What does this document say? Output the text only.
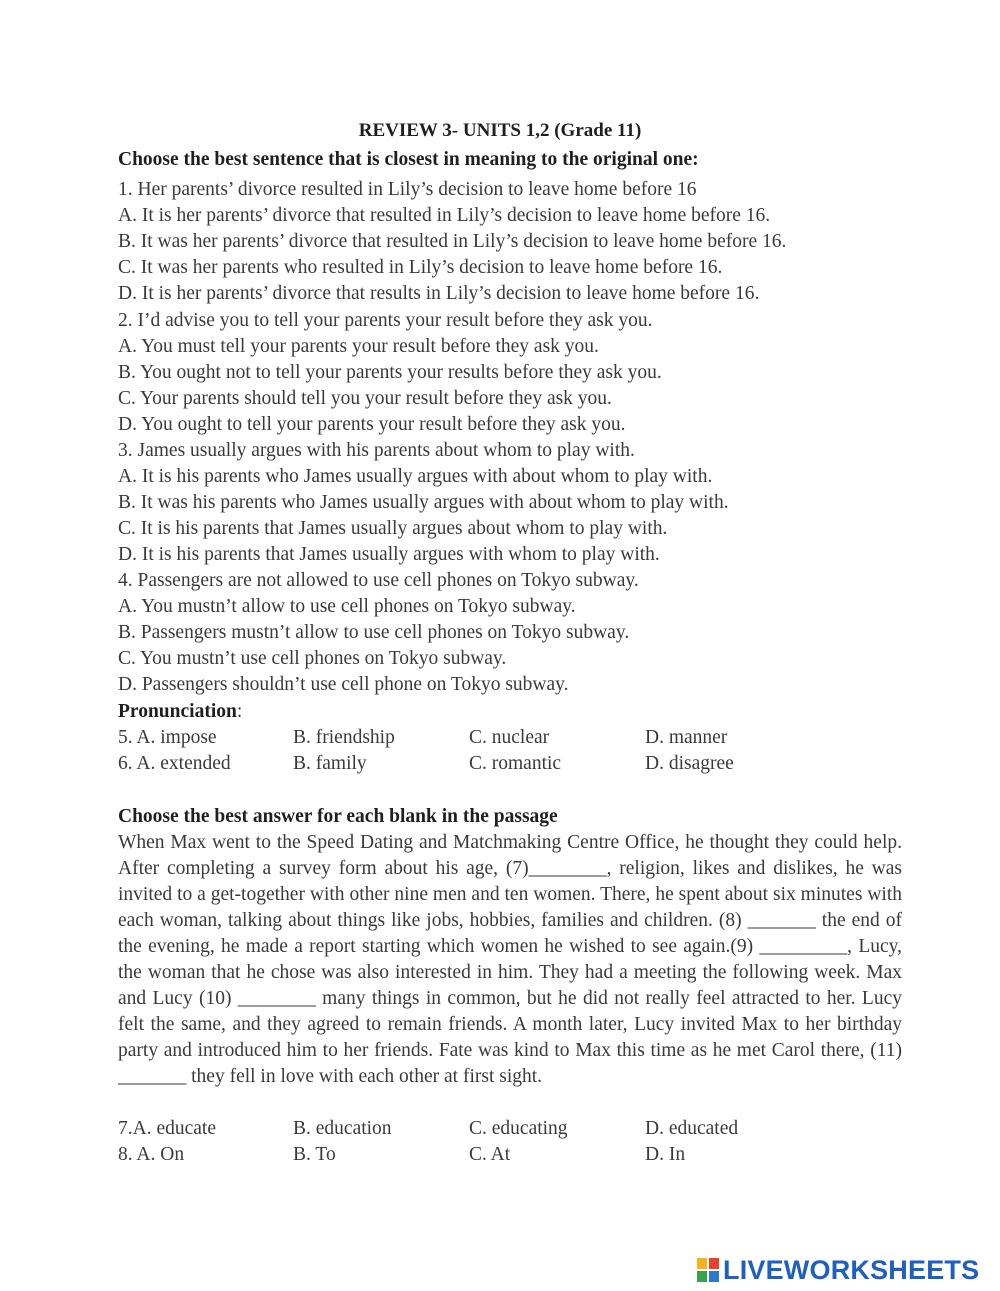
REVIEW 3- UNITS 1,2 (Grade 11)
Choose the best sentence that is closest in meaning to the original one:
1. Her parents’ divorce resulted in Lily’s decision to leave home before 16
A. It is her parents’ divorce that resulted in Lily’s decision to leave home before 16.
B. It was her parents’ divorce that resulted in Lily’s decision to leave home before 16.
C. It was her parents who resulted in Lily’s decision to leave home before 16.
D. It is her parents’ divorce that results in Lily’s decision to leave home before 16.
2. I’d advise you to tell your parents your result before they ask you.
A. You must tell your parents your result before they ask you.
B. You ought not to tell your parents your results before they ask you.
C. Your parents should tell you your result before they ask you.
D. You ought to tell your parents your result before they ask you.
3. James usually argues with his parents about whom to play with.
A. It is his parents who James usually argues with about whom to play with.
B. It was his parents who James usually argues with about whom to play with.
C. It is his parents that James usually argues about whom to play with.
D. It is his parents that James usually argues with whom to play with.
4. Passengers are not allowed to use cell phones on Tokyo subway.
A. You mustn’t allow to use cell phones on Tokyo subway.
B. Passengers mustn’t allow to use cell phones on Tokyo subway.
C. You mustn’t use cell phones on Tokyo subway.
D. Passengers shouldn’t use cell phone on Tokyo subway.
Pronunciation:
5. A. impose	B. friendship	C. nuclear	D. manner
6. A. extended	B. family	C. romantic	D. disagree
Choose the best answer for each blank in the passage
When Max went to the Speed Dating and Matchmaking Centre Office, he thought they could help. After completing a survey form about his age, (7)________, religion, likes and dislikes, he was invited to a get-together with other nine men and ten women. There, he spent about six minutes with each woman, talking about things like jobs, hobbies, families and children. (8) _______ the end of the evening, he made a report starting which women he wished to see again.(9) _________, Lucy, the woman that he chose was also interested in him. They had a meeting the following week. Max and Lucy (10) ________ many things in common, but he did not really feel attracted to her. Lucy felt the same, and they agreed to remain friends. A month later, Lucy invited Max to her birthday party and introduced him to her friends. Fate was kind to Max this time as he met Carol there, (11) _______ they fell in love with each other at first sight.
7.A. educate	B. education	C. educating	D. educated
8. A. On	B. To	C. At	D. In
LIVEWORKSHEETS
